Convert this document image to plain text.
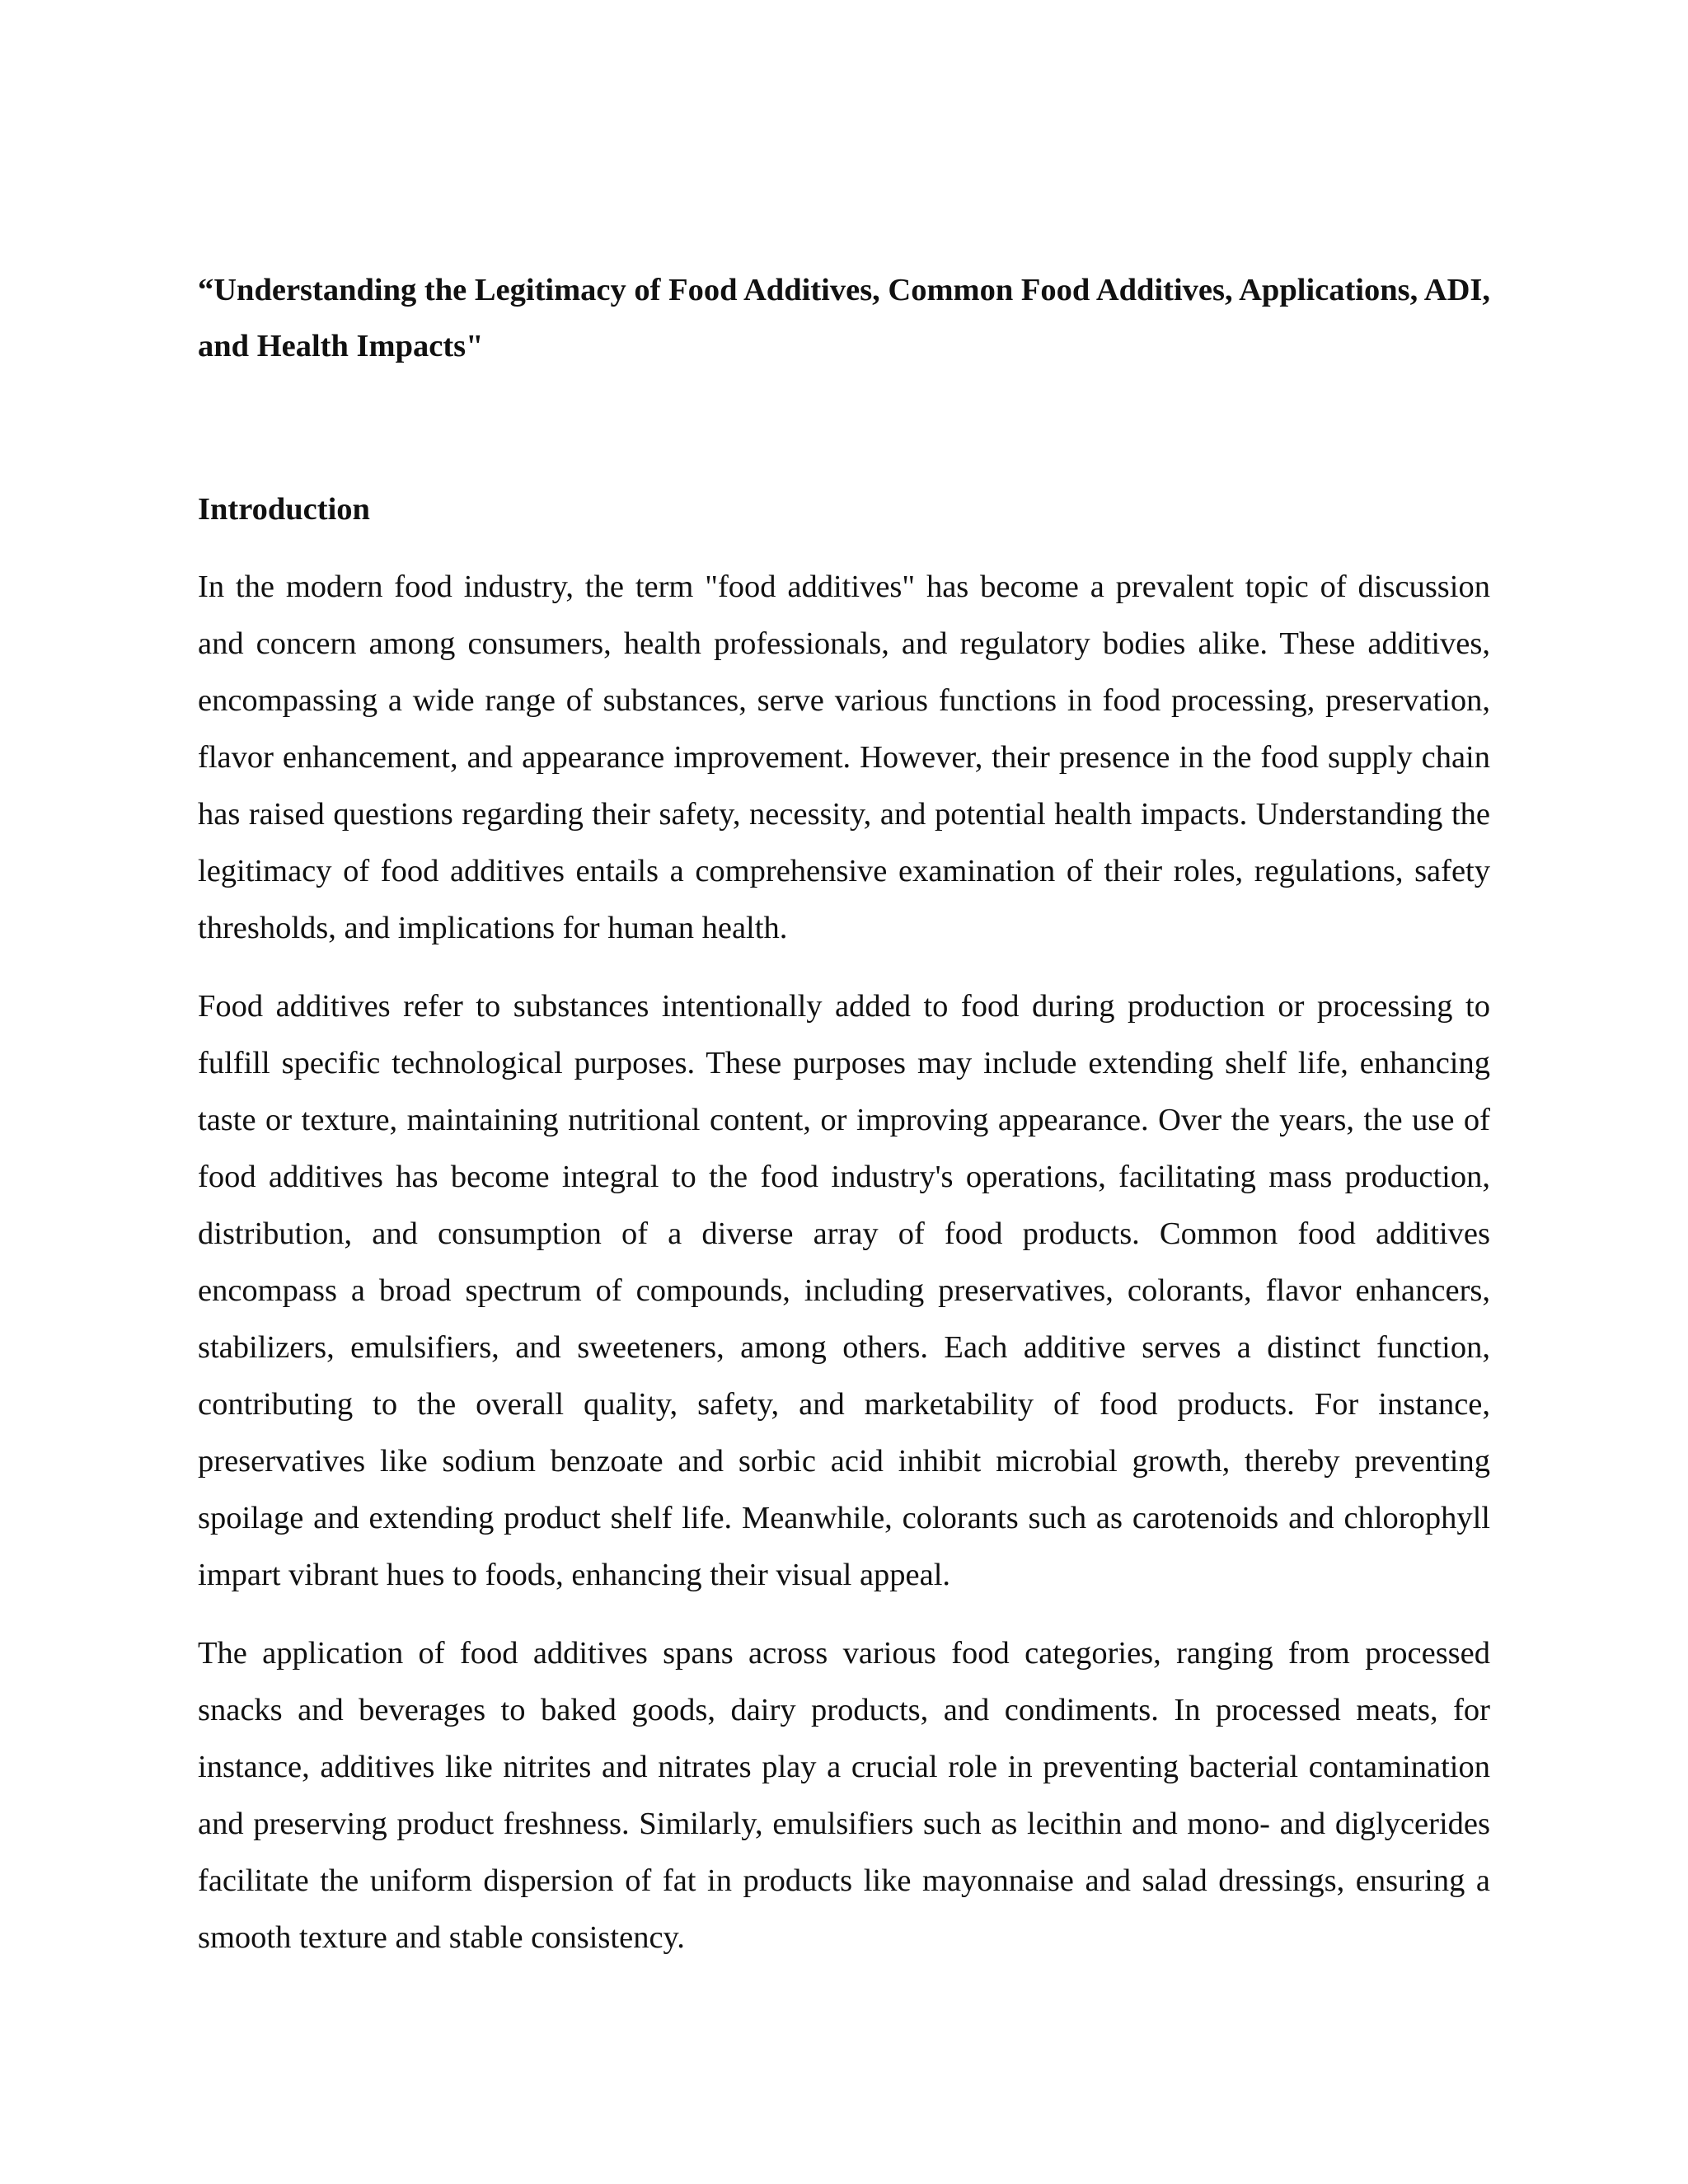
“Understanding the Legitimacy of Food Additives, Common Food Additives, Applications, ADI, and Health Impacts"
Introduction

In the modern food industry, the term "food additives" has become a prevalent topic of discussion and concern among consumers, health professionals, and regulatory bodies alike. These additives, encompassing a wide range of substances, serve various functions in food processing, preservation, flavor enhancement, and appearance improvement. However, their presence in the food supply chain has raised questions regarding their safety, necessity, and potential health impacts. Understanding the legitimacy of food additives entails a comprehensive examination of their roles, regulations, safety thresholds, and implications for human health.

Food additives refer to substances intentionally added to food during production or processing to fulfill specific technological purposes. These purposes may include extending shelf life, enhancing taste or texture, maintaining nutritional content, or improving appearance. Over the years, the use of food additives has become integral to the food industry's operations, facilitating mass production, distribution, and consumption of a diverse array of food products. Common food additives encompass a broad spectrum of compounds, including preservatives, colorants, flavor enhancers, stabilizers, emulsifiers, and sweeteners, among others. Each additive serves a distinct function, contributing to the overall quality, safety, and marketability of food products. For instance, preservatives like sodium benzoate and sorbic acid inhibit microbial growth, thereby preventing spoilage and extending product shelf life. Meanwhile, colorants such as carotenoids and chlorophyll impart vibrant hues to foods, enhancing their visual appeal.

The application of food additives spans across various food categories, ranging from processed snacks and beverages to baked goods, dairy products, and condiments. In processed meats, for instance, additives like nitrites and nitrates play a crucial role in preventing bacterial contamination and preserving product freshness. Similarly, emulsifiers such as lecithin and mono- and diglycerides facilitate the uniform dispersion of fat in products like mayonnaise and salad dressings, ensuring a smooth texture and stable consistency.
